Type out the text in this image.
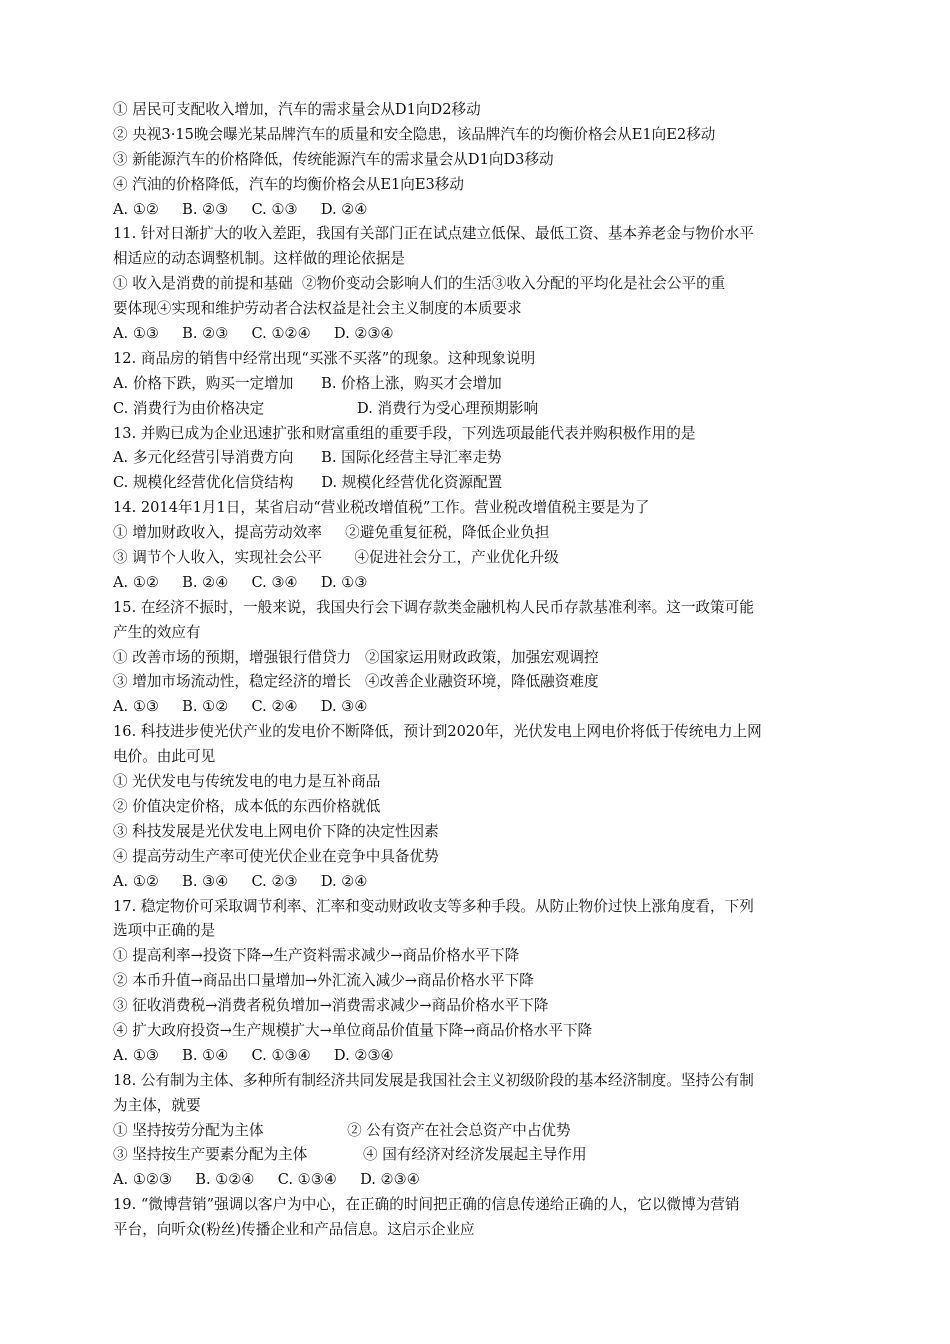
① 居民可支配收入增加，汽车的需求量会从D1向D2移动
② 央视3·15晚会曝光某品牌汽车的质量和安全隐患，该品牌汽车的均衡价格会从E1向E2移动
③ 新能源汽车的价格降低，传统能源汽车的需求量会从D1向D3移动
④ 汽油的价格降低，汽车的均衡价格会从E1向E3移动
A. ①②     B. ②③     C. ①③     D. ②④
11. 针对日渐扩大的收入差距，我国有关部门正在试点建立低保、最低工资、基本养老金与物价水平
相适应的动态调整机制。这样做的理论依据是
① 收入是消费的前提和基础  ②物价变动会影响人们的生活③收入分配的平均化是社会公平的重
要体现④实现和维护劳动者合法权益是社会主义制度的本质要求
A. ①③     B. ②③     C. ①②④     D. ②③④
12. 商品房的销售中经常出现“买涨不买落”的现象。这种现象说明
A. 价格下跌，购买一定增加      B. 价格上涨，购买才会增加
C. 消费行为由价格决定                    D. 消费行为受心理预期影响
13. 并购已成为企业迅速扩张和财富重组的重要手段，下列选项最能代表并购积极作用的是
A. 多元化经营引导消费方向      B. 国际化经营主导汇率走势
C. 规模化经营优化信贷结构      D. 规模化经营优化资源配置
14. 2014年1月1日，某省启动“营业税改增值税”工作。营业税改增值税主要是为了
① 增加财政收入，提高劳动效率     ②避免重复征税，降低企业负担
③ 调节个人收入，实现社会公平       ④促进社会分工，产业优化升级
A. ①②     B. ②④     C. ③④     D. ①③
15. 在经济不振时，一般来说，我国央行会下调存款类金融机构人民币存款基准利率。这一政策可能
产生的效应有
① 改善市场的预期，增强银行借贷力   ②国家运用财政政策，加强宏观调控
③ 增加市场流动性，稳定经济的增长   ④改善企业融资环境，降低融资难度
A. ①③     B. ①②     C. ②④     D. ③④
16. 科技进步使光伏产业的发电价不断降低，预计到2020年，光伏发电上网电价将低于传统电力上网
电价。由此可见
① 光伏发电与传统发电的电力是互补商品
② 价值决定价格，成本低的东西价格就低
③ 科技发展是光伏发电上网电价下降的决定性因素
④ 提高劳动生产率可使光伏企业在竞争中具备优势
A. ①②     B. ③④     C. ②③     D. ②④
17. 稳定物价可采取调节利率、汇率和变动财政收支等多种手段。从防止物价过快上涨角度看，下列
选项中正确的是
① 提高利率→投资下降→生产资料需求减少→商品价格水平下降
② 本币升值→商品出口量增加→外汇流入减少→商品价格水平下降
③ 征收消费税→消费者税负增加→消费需求减少→商品价格水平下降
④ 扩大政府投资→生产规模扩大→单位商品价值量下降→商品价格水平下降
A. ①③     B. ①④     C. ①③④     D. ②③④
18. 公有制为主体、多种所有制经济共同发展是我国社会主义初级阶段的基本经济制度。坚持公有制
为主体，就要
① 坚持按劳分配为主体                  ② 公有资产在社会总资产中占优势
③ 坚持按生产要素分配为主体            ④ 国有经济对经济发展起主导作用
A. ①②③     B. ①②④     C. ①③④     D. ②③④
19. “微博营销”强调以客户为中心，在正确的时间把正确的信息传递给正确的人，它以微博为营销
平台，向听众(粉丝)传播企业和产品信息。这启示企业应
